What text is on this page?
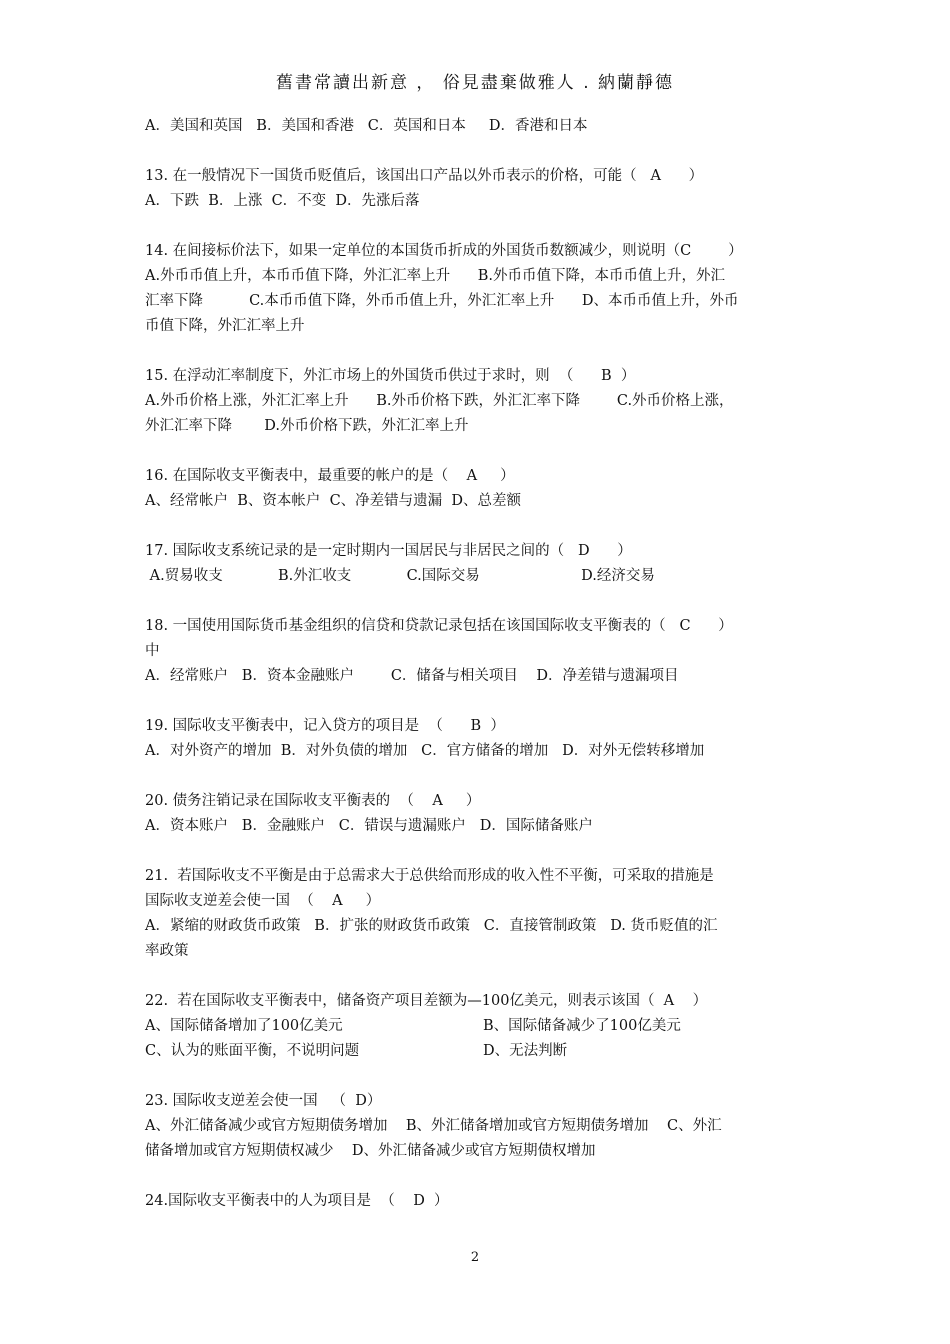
舊書常讀出新意 ， 俗見盡棄做雅人 . 納蘭靜德
A．美国和英国   B．美国和香港   C．英国和日本     D．香港和日本
13. 在一般情况下一国货币贬值后，该国出口产品以外币表示的价格，可能（   A      ）
A．下跌  B．上涨  C．不变  D．先涨后落
14. 在间接标价法下，如果一定单位的本国货币折成的外国货币数额减少，则说明（C        ）
A.外币币值上升，本币币值下降，外汇汇率上升      B.外币币值下降，本币币值上升，外汇
汇率下降          C.本币币值下降，外币币值上升，外汇汇率上升      D、本币币值上升，外币
币值下降，外汇汇率上升
15. 在浮动汇率制度下，外汇市场上的外国货币供过于求时，则  （      B  ）
A.外币价格上涨，外汇汇率上升      B.外币价格下跌，外汇汇率下降        C.外币价格上涨，
外汇汇率下降       D.外币价格下跌，外汇汇率上升
16. 在国际收支平衡表中，最重要的帐户的是（    A     ）
A、经常帐户  B、资本帐户  C、净差错与遗漏  D、总差额
17. 国际收支系统记录的是一定时期内一国居民与非居民之间的（   D      ）
A.贸易收支            B.外汇收支            C.国际交易                      D.经济交易
18. 一国使用国际货币基金组织的信贷和贷款记录包括在该国国际收支平衡表的（   C      ）
中
A．经常账户   B．资本金融账户        C．储备与相关项目    D．净差错与遗漏项目
19. 国际收支平衡表中，记入贷方的项目是  （      B  ）
A．对外资产的增加  B．对外负债的增加   C．官方储备的增加   D．对外无偿转移增加
20. 债务注销记录在国际收支平衡表的  （    A     ）
A．资本账户   B．金融账户   C．错误与遗漏账户   D．国际储备账户
21.  若国际收支不平衡是由于总需求大于总供给而形成的收入性不平衡，可采取的措施是
国际收支逆差会使一国  （    A     ）
A．紧缩的财政货币政策   B．扩张的财政货币政策   C．直接管制政策   D. 货币贬值的汇
率政策
22.  若在国际收支平衡表中，储备资产项目差额为—100亿美元，则表示该国（  A    ）
A、国际储备增加了100亿美元	B、国际储备减少了100亿美元
C、认为的账面平衡，不说明问题	D、无法判断
23. 国际收支逆差会使一国   （  D）
A、外汇储备减少或官方短期债务增加    B、外汇储备增加或官方短期债务增加    C、外汇
储备增加或官方短期债权减少    D、外汇储备减少或官方短期债权增加
24.国际收支平衡表中的人为项目是  （    D  ）
2
